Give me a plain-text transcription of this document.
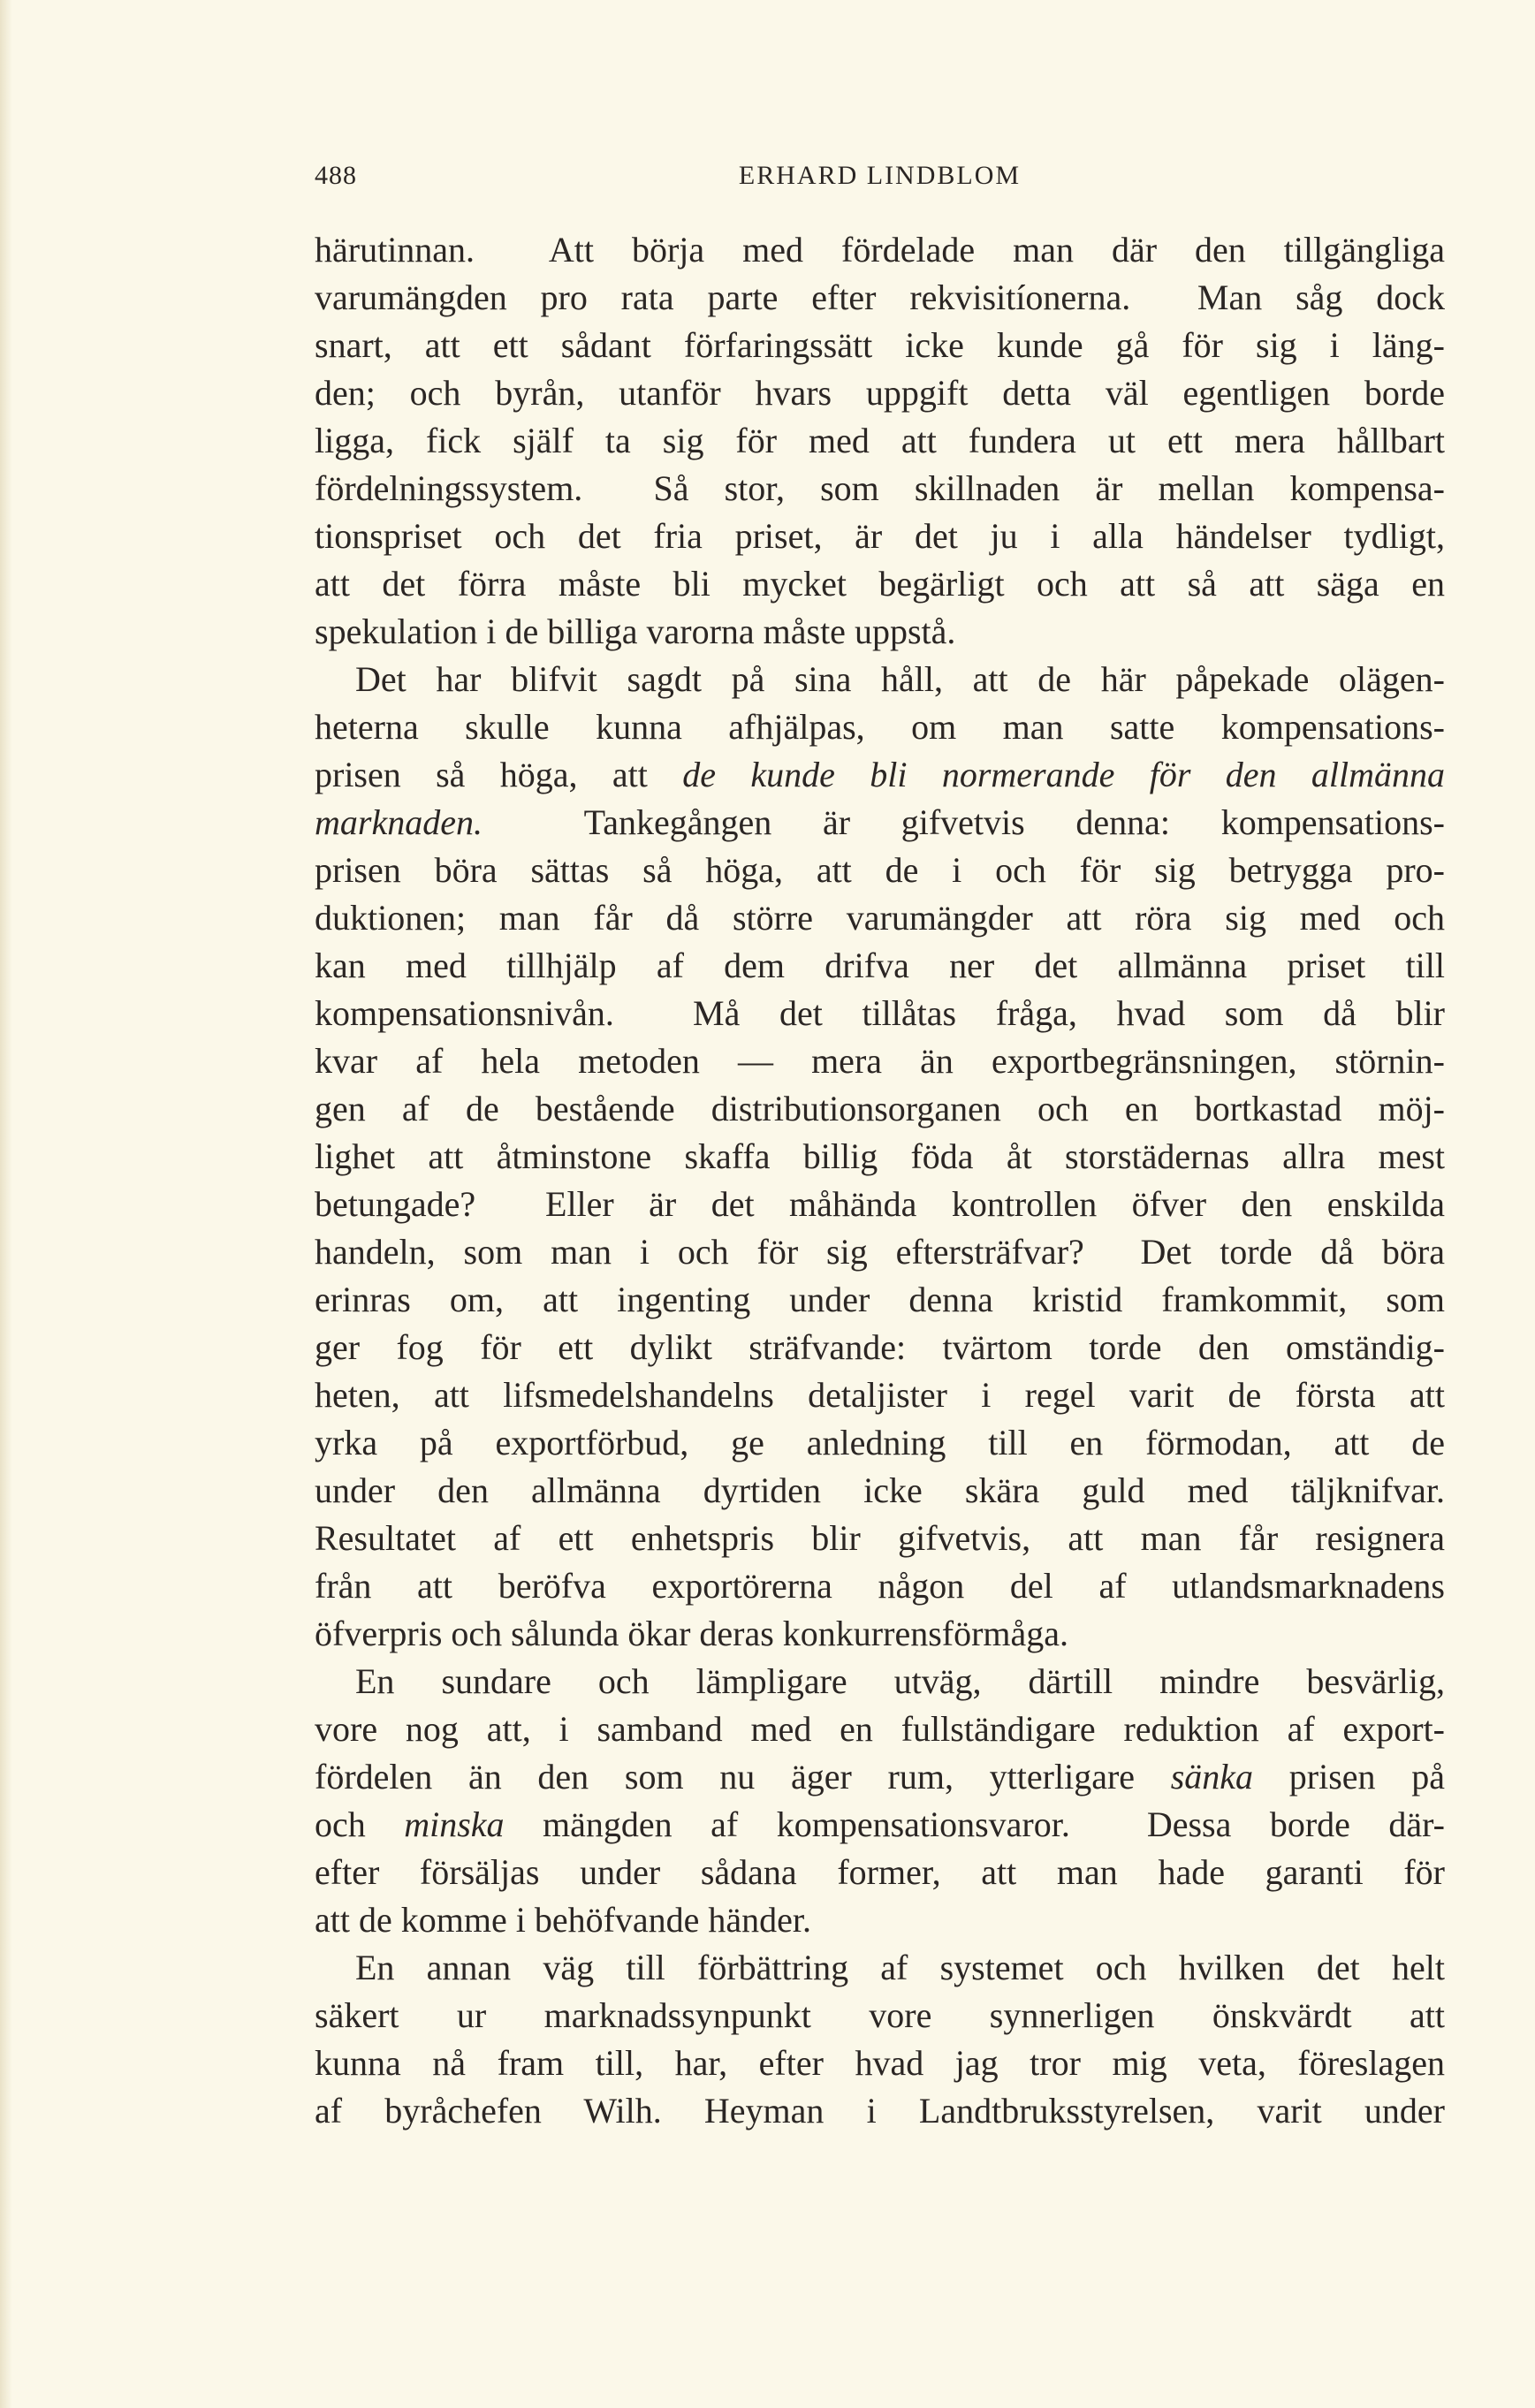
488	ERHARD LINDBLOM
härutinnan.  Att börja med fördelade man där den tillgängliga
varumängden pro rata parte efter rekvisitíonerna.  Man såg dock
snart, att ett sådant förfaringssätt icke kunde gå för sig i läng-
den; och byrån, utanför hvars uppgift detta väl egentligen borde
ligga, fick själf ta sig för med att fundera ut ett mera hållbart
fördelningssystem.  Så stor, som skillnaden är mellan kompensa-
tionspriset och det fria priset, är det ju i alla händelser tydligt,
att det förra måste bli mycket begärligt och att så att säga en
spekulation i de billiga varorna måste uppstå.
Det har blifvit sagdt på sina håll, att de här påpekade olägen-
heterna skulle kunna afhjälpas, om man satte kompensations-
prisen så höga, att de kunde bli normerande för den allmänna
marknaden.  Tankegången är gifvetvis denna: kompensations-
prisen böra sättas så höga, att de i och för sig betrygga pro-
duktionen; man får då större varumängder att röra sig med och
kan med tillhjälp af dem drifva ner det allmänna priset till
kompensationsnivån.  Må det tillåtas fråga, hvad som då blir
kvar af hela metoden — mera än exportbegränsningen, störnin-
gen af de bestående distributionsorganen och en bortkastad möj-
lighet att åtminstone skaffa billig föda åt storstädernas allra mest
betungade?  Eller är det måhända kontrollen öfver den enskilda
handeln, som man i och för sig eftersträfvar?  Det torde då böra
erinras om, att ingenting under denna kristid framkommit, som
ger fog för ett dylikt sträfvande: tvärtom torde den omständig-
heten, att lifsmedelshandelns detaljister i regel varit de första att
yrka på exportförbud, ge anledning till en förmodan, att de
under den allmänna dyrtiden icke skära guld med täljknifvar.
Resultatet af ett enhetspris blir gifvetvis, att man får resignera
från att beröfva exportörerna någon del af utlandsmarknadens
öfverpris och sålunda ökar deras konkurrensförmåga.
En sundare och lämpligare utväg, därtill mindre besvärlig,
vore nog att, i samband med en fullständigare reduktion af export-
fördelen än den som nu äger rum, ytterligare sänka prisen på
och minska mängden af kompensationsvaror.  Dessa borde där-
efter försäljas under sådana former, att man hade garanti för
att de komme i behöfvande händer.
En annan väg till förbättring af systemet och hvilken det helt
säkert ur marknadssynpunkt vore synnerligen önskvärdt att
kunna nå fram till, har, efter hvad jag tror mig veta, föreslagen
af byråchefen Wilh. Heyman i Landtbruksstyrelsen, varit under
